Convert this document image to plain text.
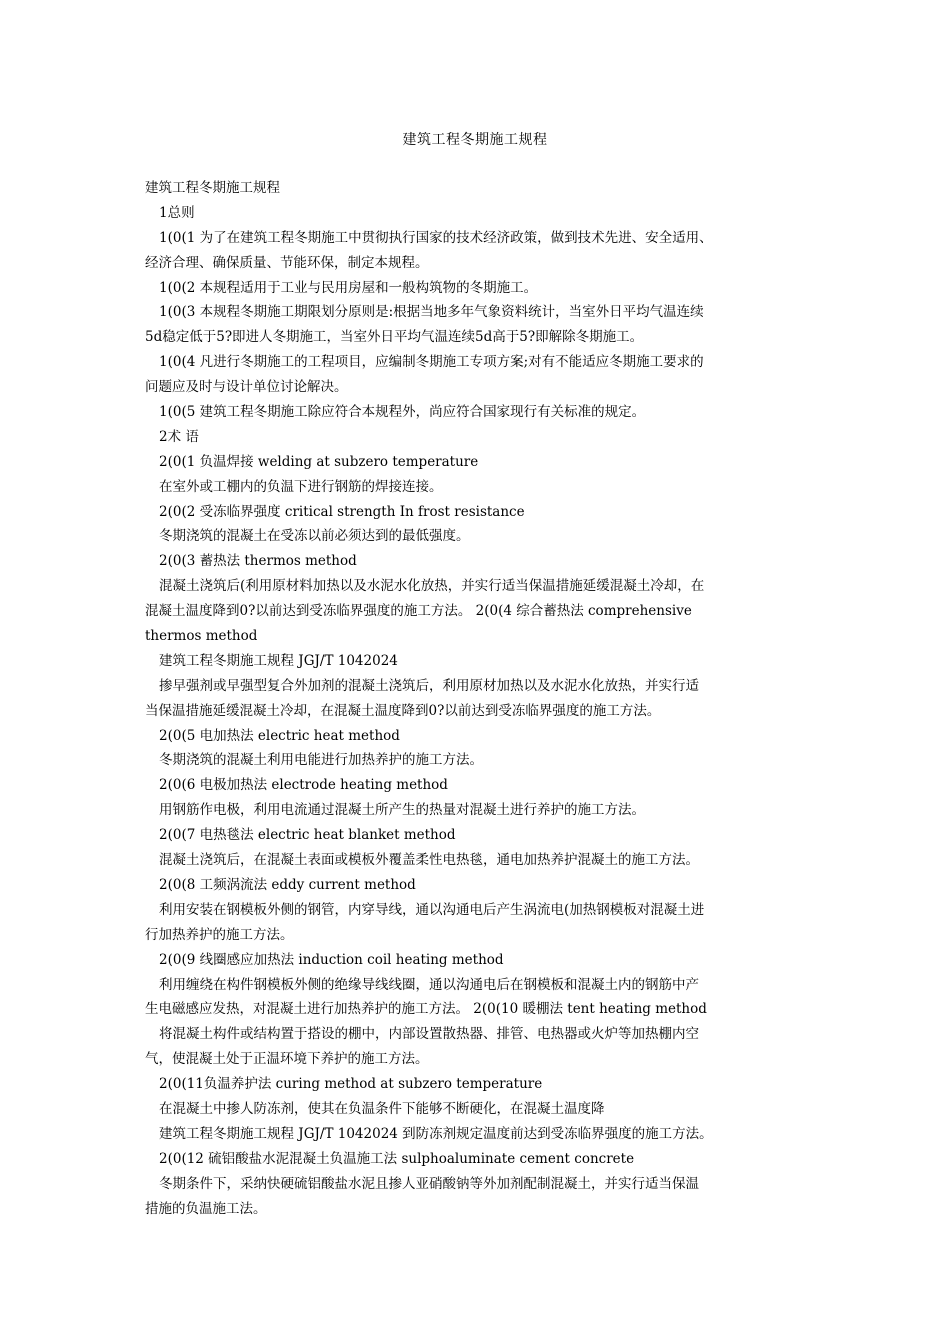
建筑工程冬期施工规程
建筑工程冬期施工规程
1总则
1(0(1 为了在建筑工程冬期施工中贯彻执行国家的技术经济政策，做到技术先进、安全适用、
经济合理、确保质量、节能环保，制定本规程。
1(0(2 本规程适用于工业与民用房屋和一般构筑物的冬期施工。
1(0(3 本规程冬期施工期限划分原则是:根据当地多年气象资料统计，当室外日平均气温连续
5d稳定低于5?即进人冬期施工，当室外日平均气温连续5d高于5?即解除冬期施工。
1(0(4 凡进行冬期施工的工程项目，应编制冬期施工专项方案;对有不能适应冬期施工要求的
问题应及时与设计单位讨论解决。
1(0(5 建筑工程冬期施工除应符合本规程外，尚应符合国家现行有关标准的规定。
2术 语
2(0(1 负温焊接 welding at subzero temperature
在室外或工棚内的负温下进行钢筋的焊接连接。
2(0(2 受冻临界强度 critical strength In frost resistance
冬期浇筑的混凝土在受冻以前必须达到的最低强度。
2(0(3 蓄热法 thermos method
混凝土浇筑后(利用原材料加热以及水泥水化放热，并实行适当保温措施延缓混凝土冷却，在
混凝土温度降到0?以前达到受冻临界强度的施工方法。 2(0(4 综合蓄热法 comprehensive
thermos method
建筑工程冬期施工规程 JGJ/T 1042024
掺早强剂或早强型复合外加剂的混凝土浇筑后，利用原材加热以及水泥水化放热，并实行适
当保温措施延缓混凝土冷却，在混凝土温度降到0?以前达到受冻临界强度的施工方法。
2(0(5 电加热法 electric heat method
冬期浇筑的混凝土利用电能进行加热养护的施工方法。
2(0(6 电极加热法 electrode heating method
用钢筋作电极，利用电流通过混凝土所产生的热量对混凝土进行养护的施工方法。
2(0(7 电热毯法 electric heat blanket method
混凝土浇筑后，在混凝土表面或模板外覆盖柔性电热毯，通电加热养护混凝土的施工方法。
2(0(8 工频涡流法 eddy current method
利用安装在钢模板外侧的钢管，内穿导线，通以沟通电后产生涡流电(加热钢模板对混凝土进
行加热养护的施工方法。
2(0(9 线圈感应加热法 induction coil heating method
利用缠绕在构件钢模板外侧的绝缘导线线圈，通以沟通电后在钢模板和混凝土内的钢筋中产
生电磁感应发热，对混凝土进行加热养护的施工方法。 2(0(10 暖棚法 tent heating method
将混凝土构件或结构置于搭设的棚中，内部设置散热器、排管、电热器或火炉等加热棚内空
气，使混凝土处于正温环境下养护的施工方法。
2(0(11负温养护法 curing method at subzero temperature
在混凝土中掺人防冻剂，使其在负温条件下能够不断硬化，在混凝土温度降
建筑工程冬期施工规程 JGJ/T 1042024 到防冻剂规定温度前达到受冻临界强度的施工方法。
2(0(12 硫铝酸盐水泥混凝土负温施工法 sulphoaluminate cement concrete
冬期条件下，采纳快硬硫铝酸盐水泥且掺人亚硝酸钠等外加剂配制混凝土，并实行适当保温
措施的负温施工法。
